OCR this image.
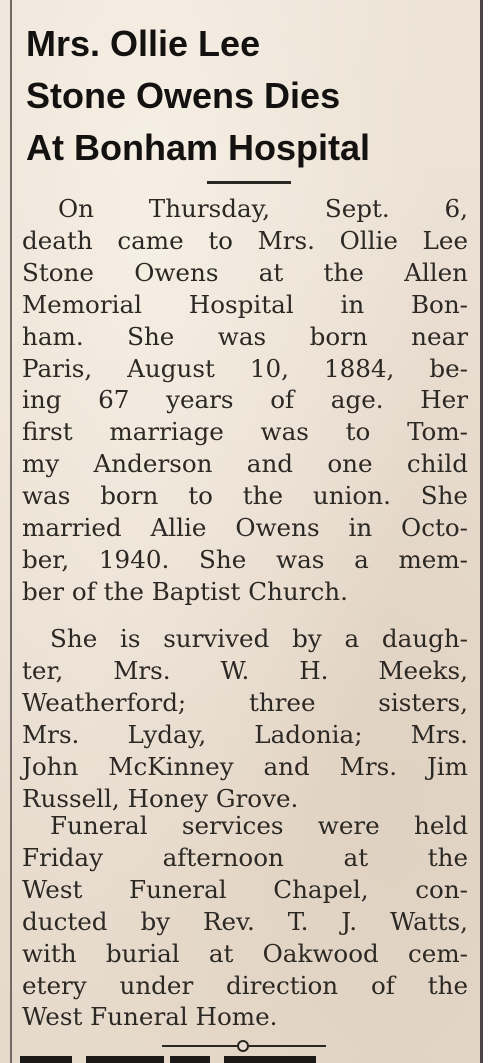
Mrs. Ollie Lee
Stone Owens Dies
At Bonham Hospital

On Thursday, Sept. 6,
death came to Mrs. Ollie Lee
Stone Owens at the Allen
Memorial Hospital in Bon-
ham. She was born near
Paris, August 10, 1884, be-
ing 67 years of age. Her
first marriage was to Tom-
my Anderson and one child
was born to the union. She
married Allie Owens in Octo-
ber, 1940. She was a mem-
ber of the Baptist Church.

She is survived by a daugh-
ter, Mrs. W. H. Meeks,
Weatherford; three sisters,
Mrs. Lyday, Ladonia; Mrs.
John McKinney and Mrs. Jim
Russell, Honey Grove.

Funeral services were held
Friday afternoon at the
West Funeral Chapel, con-
ducted by Rev. T. J. Watts,
with burial at Oakwood cem-
etery under direction of the
West Funeral Home.
